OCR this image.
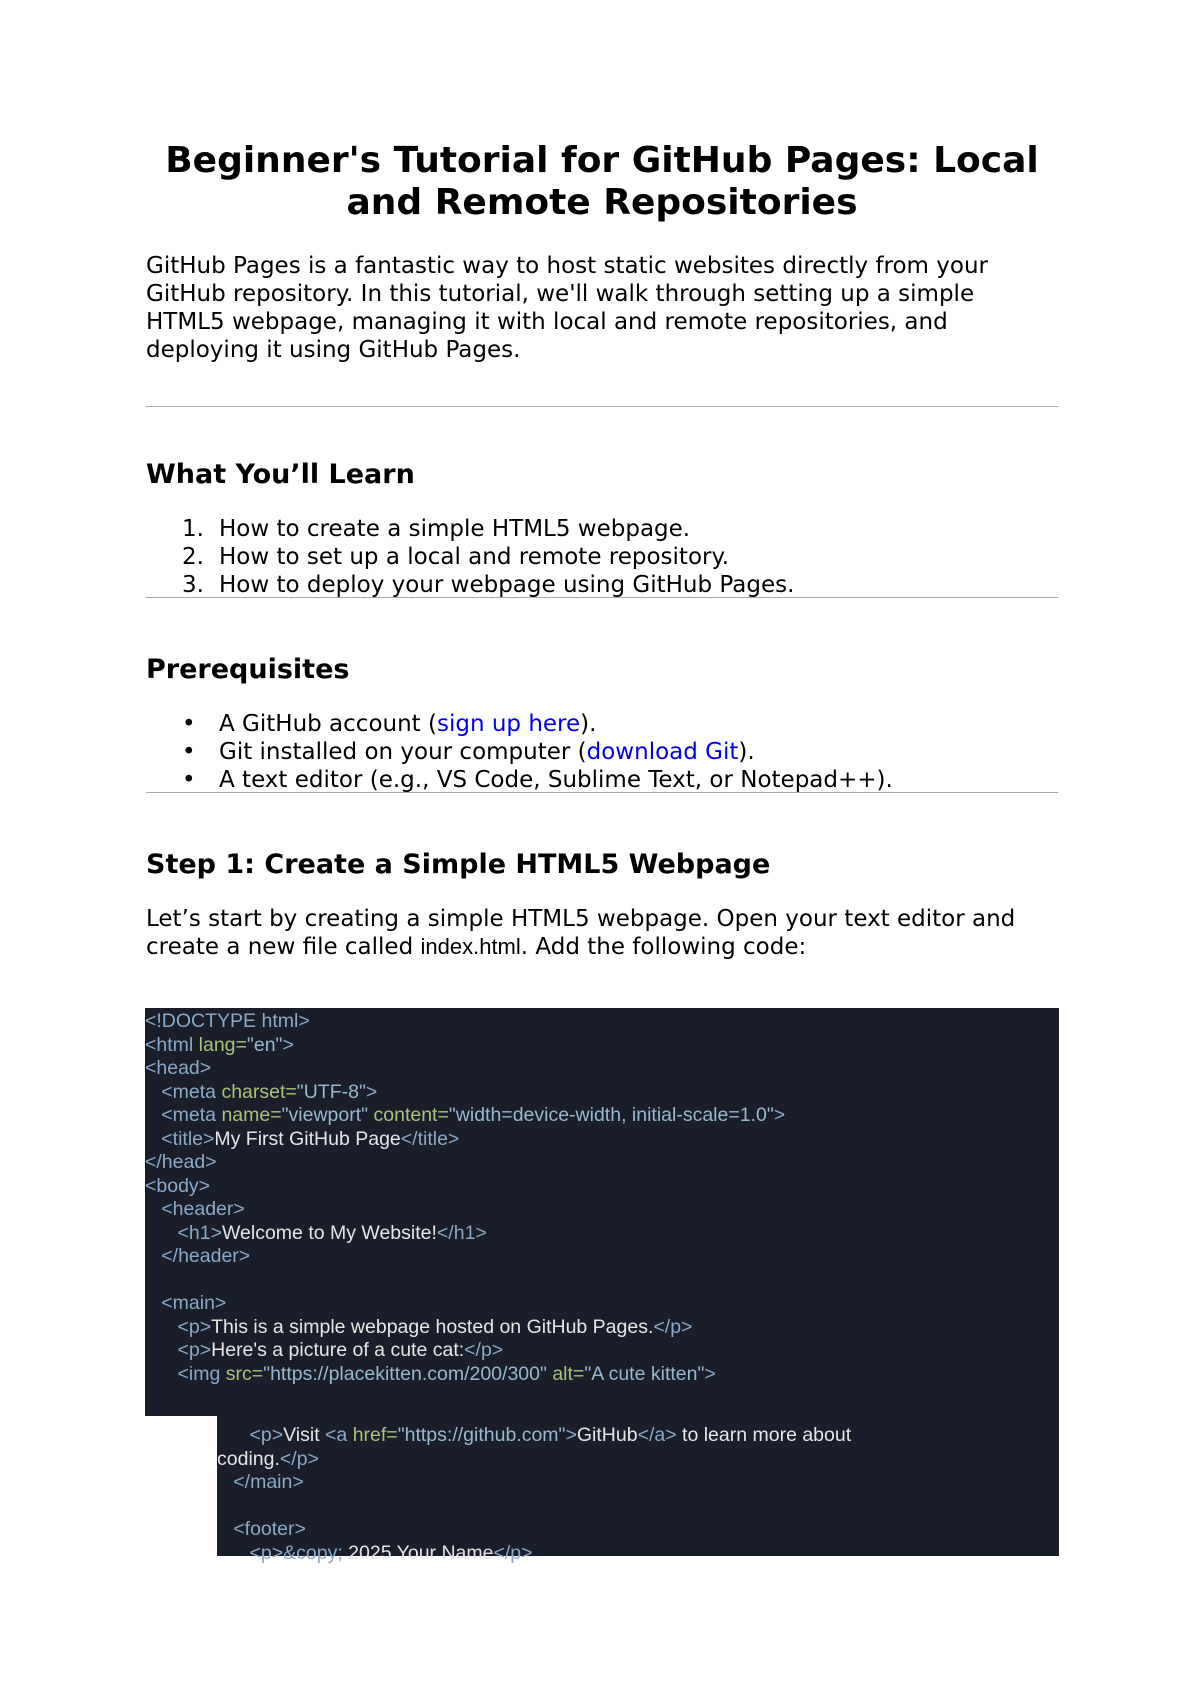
Beginner's Tutorial for GitHub Pages: Local and Remote Repositories

GitHub Pages is a fantastic way to host static websites directly from your GitHub repository. In this tutorial, we'll walk through setting up a simple HTML5 webpage, managing it with local and remote repositories, and deploying it using GitHub Pages.

What You’ll Learn
1. How to create a simple HTML5 webpage.
2. How to set up a local and remote repository.
3. How to deploy your webpage using GitHub Pages.
Prerequisites
• A GitHub account (sign up here).
• Git installed on your computer (download Git).
• A text editor (e.g., VS Code, Sublime Text, or Notepad++).
Step 1: Create a Simple HTML5 Webpage

Let’s start by creating a simple HTML5 webpage. Open your text editor and create a new file called index.html. Add the following code:

<!DOCTYPE html>
<html lang="en">
<head>
<meta charset="UTF-8">
<meta name="viewport" content="width=device-width, initial-scale=1.0">
<title>My First GitHub Page</title>
</head>
<body>
<header>
<h1>Welcome to My Website!</h1>
</header>

<main>
<p>This is a simple webpage hosted on GitHub Pages.</p>
<p>Here's a picture of a cute cat:</p>
<img src="https://placekitten.com/200/300" alt="A cute kitten">
<p>Visit <a href="https://github.com">GitHub</a> to learn more about
coding.</p>
</main>

<footer>
<p>&copy; 2025 Your Name</p>
